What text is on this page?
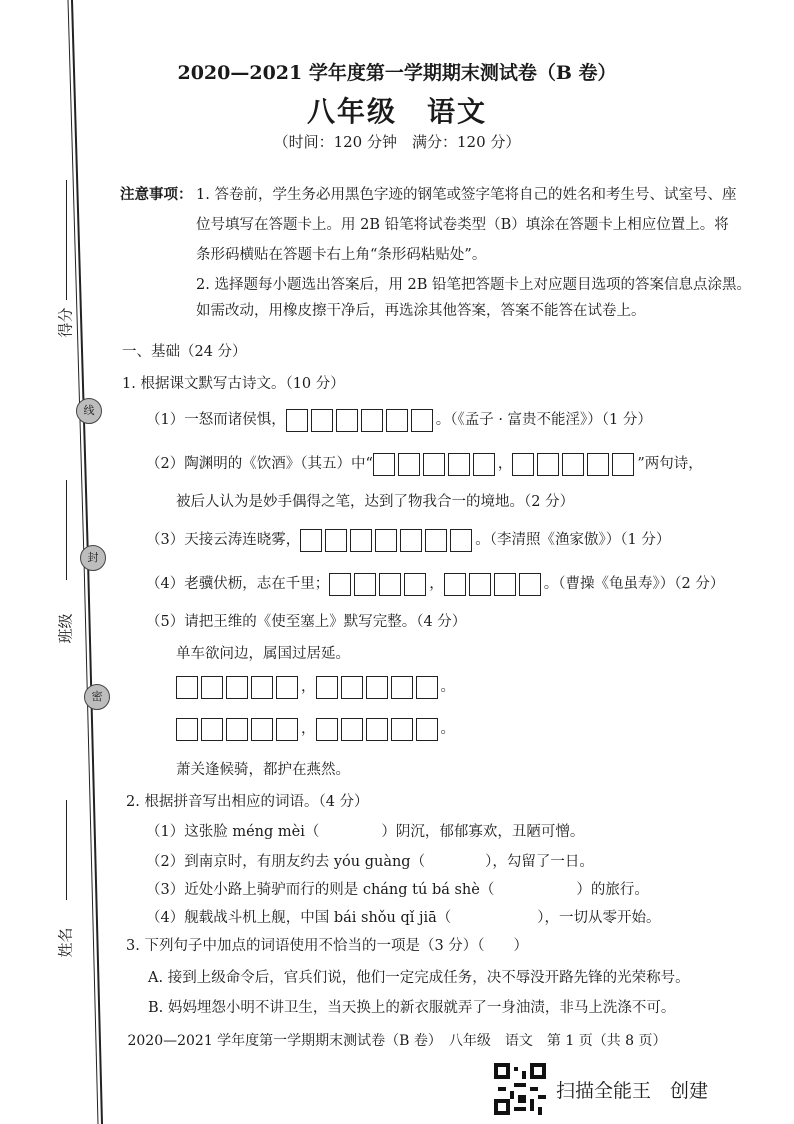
得分
线
封
密
班级
姓名
2020—2021 学年度第一学期期末测试卷（B 卷）
八年级　语文
（时间：120 分钟　满分：120 分）
注意事项： 1. 答卷前，学生务必用黑色字迹的钢笔或签字笔将自己的姓名和考生号、试室号、座
位号填写在答题卡上。用 2B 铅笔将试卷类型（B）填涂在答题卡上相应位置上。将
条形码横贴在答题卡右上角“条形码粘贴处”。
2. 选择题每小题选出答案后，用 2B 铅笔把答题卡上对应题目选项的答案信息点涂黑。
如需改动，用橡皮擦干净后，再选涂其他答案，答案不能答在试卷上。
一、基础（24 分）
1. 根据课文默写古诗文。（10 分）
（1）一怒而诸侯惧，	。（《孟子 · 富贵不能淫》）（1 分）
（2）陶渊明的《饮酒》（其五）中“	，	”两句诗，
被后人认为是妙手偶得之笔，达到了物我合一的境地。（2 分）
（3）天接云涛连晓雾，	。（李清照《渔家傲》）（1 分）
（4）老骥伏枥，志在千里；	，	。（曹操《龟虽寿》）（2 分）
（5）请把王维的《使至塞上》默写完整。（4 分）
单车欲问边，属国过居延。
，	。
，	。
萧关逢候骑，都护在燕然。
2. 根据拼音写出相应的词语。（4 分）
（1）这张脸 méng mèi（	）阴沉，郁郁寡欢，丑陋可憎。
（2）到南京时，有朋友约去 yóu guàng（	），勾留了一日。
（3）近处小路上骑驴而行的则是 cháng tú bá shè（	）的旅行。
（4）舰载战斗机上舰，中国 bái shǒu qǐ jiā（	），一切从零开始。
3. 下列句子中加点的词语使用不恰当的一项是（3 分）（　　）
A. 接到上级命令后，官兵们说，他们一定完成任务，决不辱没开路先锋的光荣称号。
B. 妈妈埋怨小明不讲卫生，当天换上的新衣服就弄了一身油渍，非马上洗涤不可。
2020—2021 学年度第一学期期末测试卷（B 卷）　八年级　语文　第 1 页（共 8 页）
扫描全能王　创建
